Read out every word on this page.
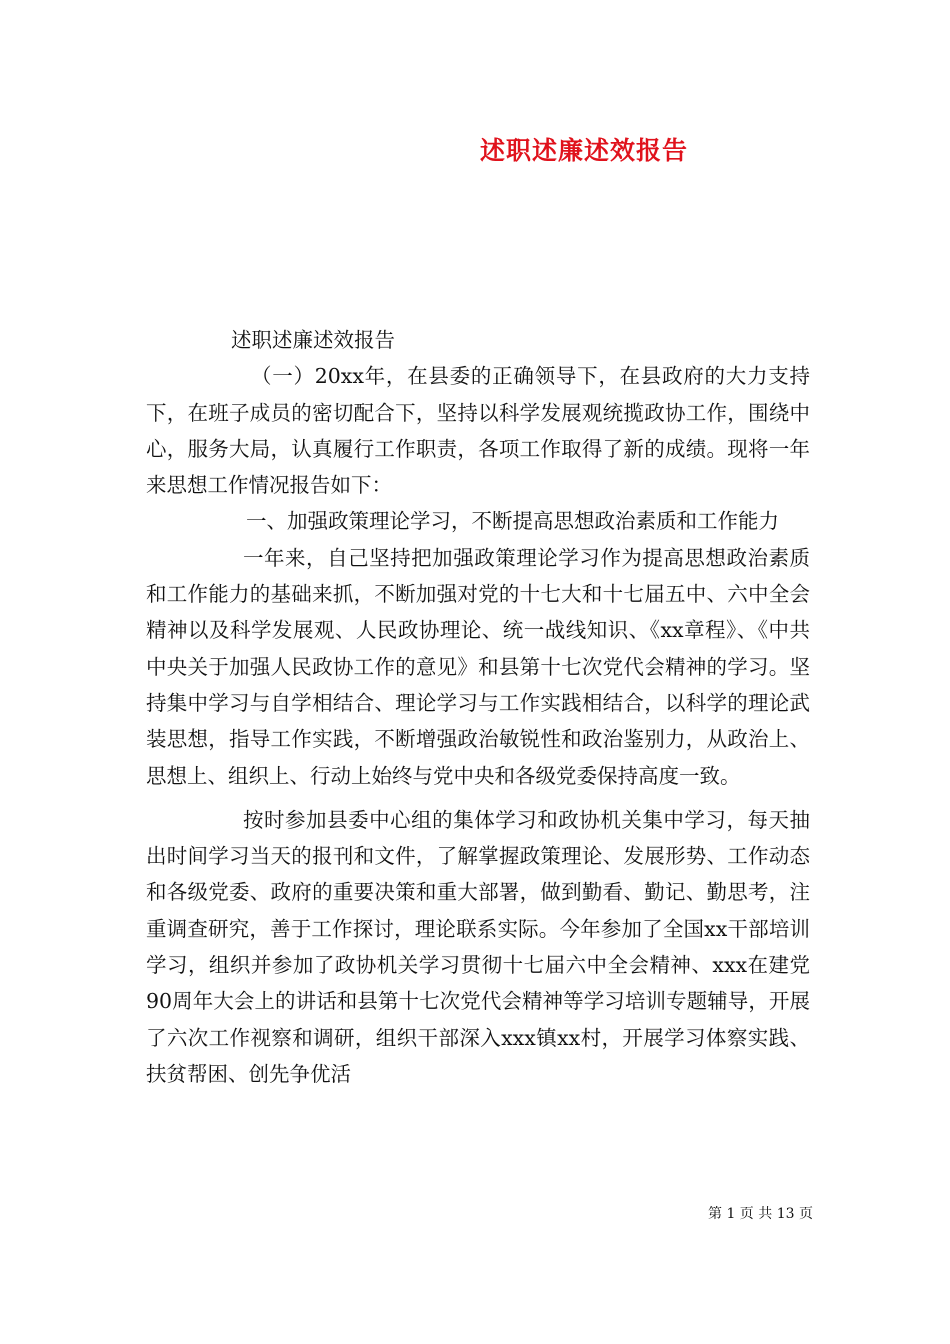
述职述廉述效报告

述职述廉述效报告

（一）20xx年，在县委的正确领导下，在县政府的大力支持下，在班子成员的密切配合下，坚持以科学发展观统揽政协工作，围绕中心，服务大局，认真履行工作职责，各项工作取得了新的成绩。现将一年来思想工作情况报告如下：

一、加强政策理论学习，不断提高思想政治素质和工作能力

一年来，自己坚持把加强政策理论学习作为提高思想政治素质和工作能力的基础来抓，不断加强对党的十七大和十七届五中、六中全会精神以及科学发展观、人民政协理论、统一战线知识、《xx章程》、《中共中央关于加强人民政协工作的意见》和县第十七次党代会精神的学习。坚持集中学习与自学相结合、理论学习与工作实践相结合，以科学的理论武装思想，指导工作实践，不断增强政治敏锐性和政治鉴别力，从政治上、思想上、组织上、行动上始终与党中央和各级党委保持高度一致。

按时参加县委中心组的集体学习和政协机关集中学习，每天抽出时间学习当天的报刊和文件，了解掌握政策理论、发展形势、工作动态和各级党委、政府的重要决策和重大部署，做到勤看、勤记、勤思考，注重调查研究，善于工作探讨，理论联系实际。今年参加了全国xx干部培训学习，组织并参加了政协机关学习贯彻十七届六中全会精神、xxx在建党90周年大会上的讲话和县第十七次党代会精神等学习培训专题辅导，开展了六次工作视察和调研，组织干部深入xxx镇xx村，开展学习体察实践、扶贫帮困、创先争优活

第 1 页 共 13 页
